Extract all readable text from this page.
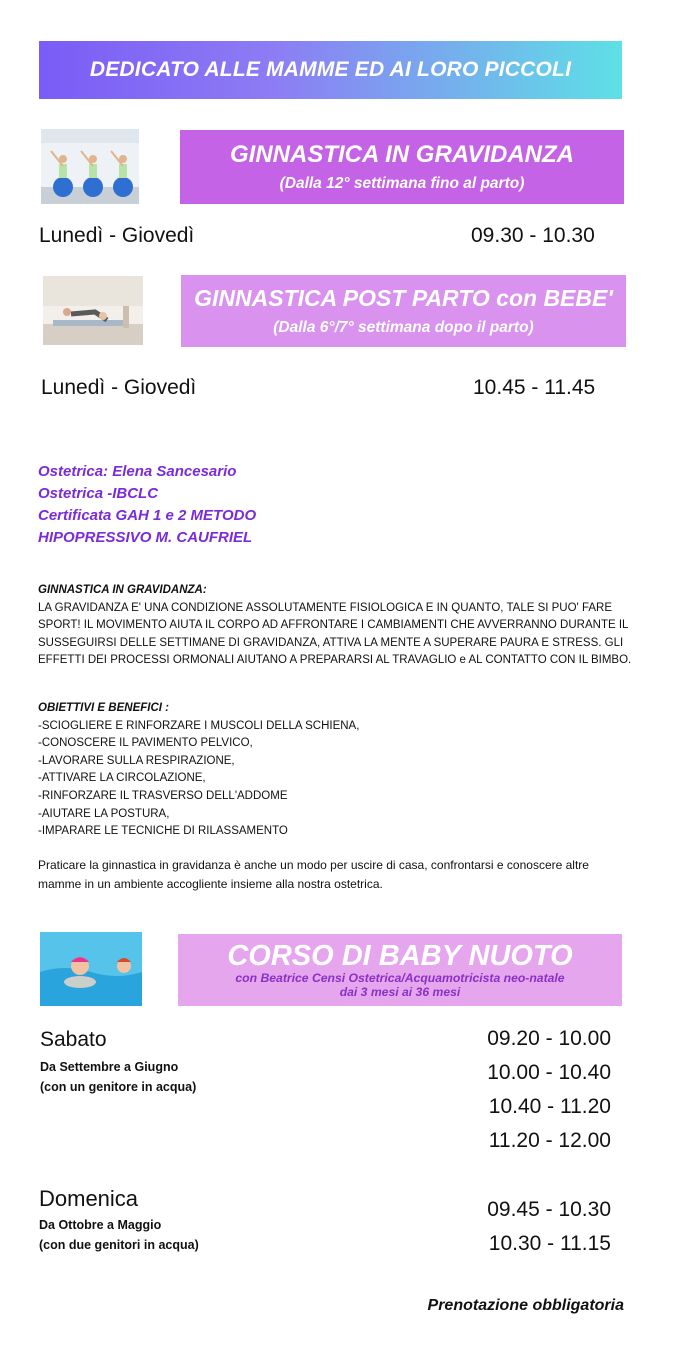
DEDICATO ALLE MAMME ED AI LORO PICCOLI
GINNASTICA IN GRAVIDANZA
(Dalla 12° settimana fino al parto)
Lunedì - Giovedì	09.30 - 10.30
GINNASTICA POST PARTO con BEBE'
(Dalla 6°/7° settimana dopo il parto)
Lunedì - Giovedì	10.45 - 11.45
Ostetrica: Elena Sancesario
Ostetrica -IBCLC
Certificata GAH 1 e 2 METODO
HIPOPRESSIVO M. CAUFRIEL
GINNASTICA IN GRAVIDANZA:
LA GRAVIDANZA E' UNA CONDIZIONE ASSOLUTAMENTE FISIOLOGICA E IN QUANTO, TALE SI PUO' FARE SPORT! IL MOVIMENTO AIUTA IL CORPO AD AFFRONTARE I CAMBIAMENTI CHE AVVERRANNO DURANTE IL SUSSEGUIRSI DELLE SETTIMANE DI GRAVIDANZA, ATTIVA LA MENTE A SUPERARE PAURA E STRESS. GLI EFFETTI DEI PROCESSI ORMONALI AIUTANO A PREPARARSI AL TRAVAGLIO e AL CONTATTO CON IL BIMBO.
OBIETTIVI E BENEFICI :
-SCIOGLIERE E RINFORZARE I MUSCOLI DELLA SCHIENA,
-CONOSCERE IL PAVIMENTO PELVICO,
-LAVORARE SULLA RESPIRAZIONE,
-ATTIVARE LA CIRCOLAZIONE,
-RINFORZARE IL TRASVERSO DELL'ADDOME
-AIUTARE LA POSTURA,
-IMPARARE LE TECNICHE DI RILASSAMENTO
Praticare la ginnastica in gravidanza è anche un modo per uscire di casa, confrontarsi e conoscere altre mamme in un ambiente accogliente insieme alla nostra ostetrica.
CORSO DI BABY NUOTO
con Beatrice Censi Ostetrica/Acquamotricista neo-natale
dai 3 mesi ai 36 mesi
Sabato
Da Settembre a Giugno
(con un genitore in acqua)
09.20 - 10.00
10.00 - 10.40
10.40 - 11.20
11.20 - 12.00
Domenica
Da Ottobre a Maggio
(con due genitori in acqua)
09.45 - 10.30
10.30 - 11.15
Prenotazione obbligatoria
